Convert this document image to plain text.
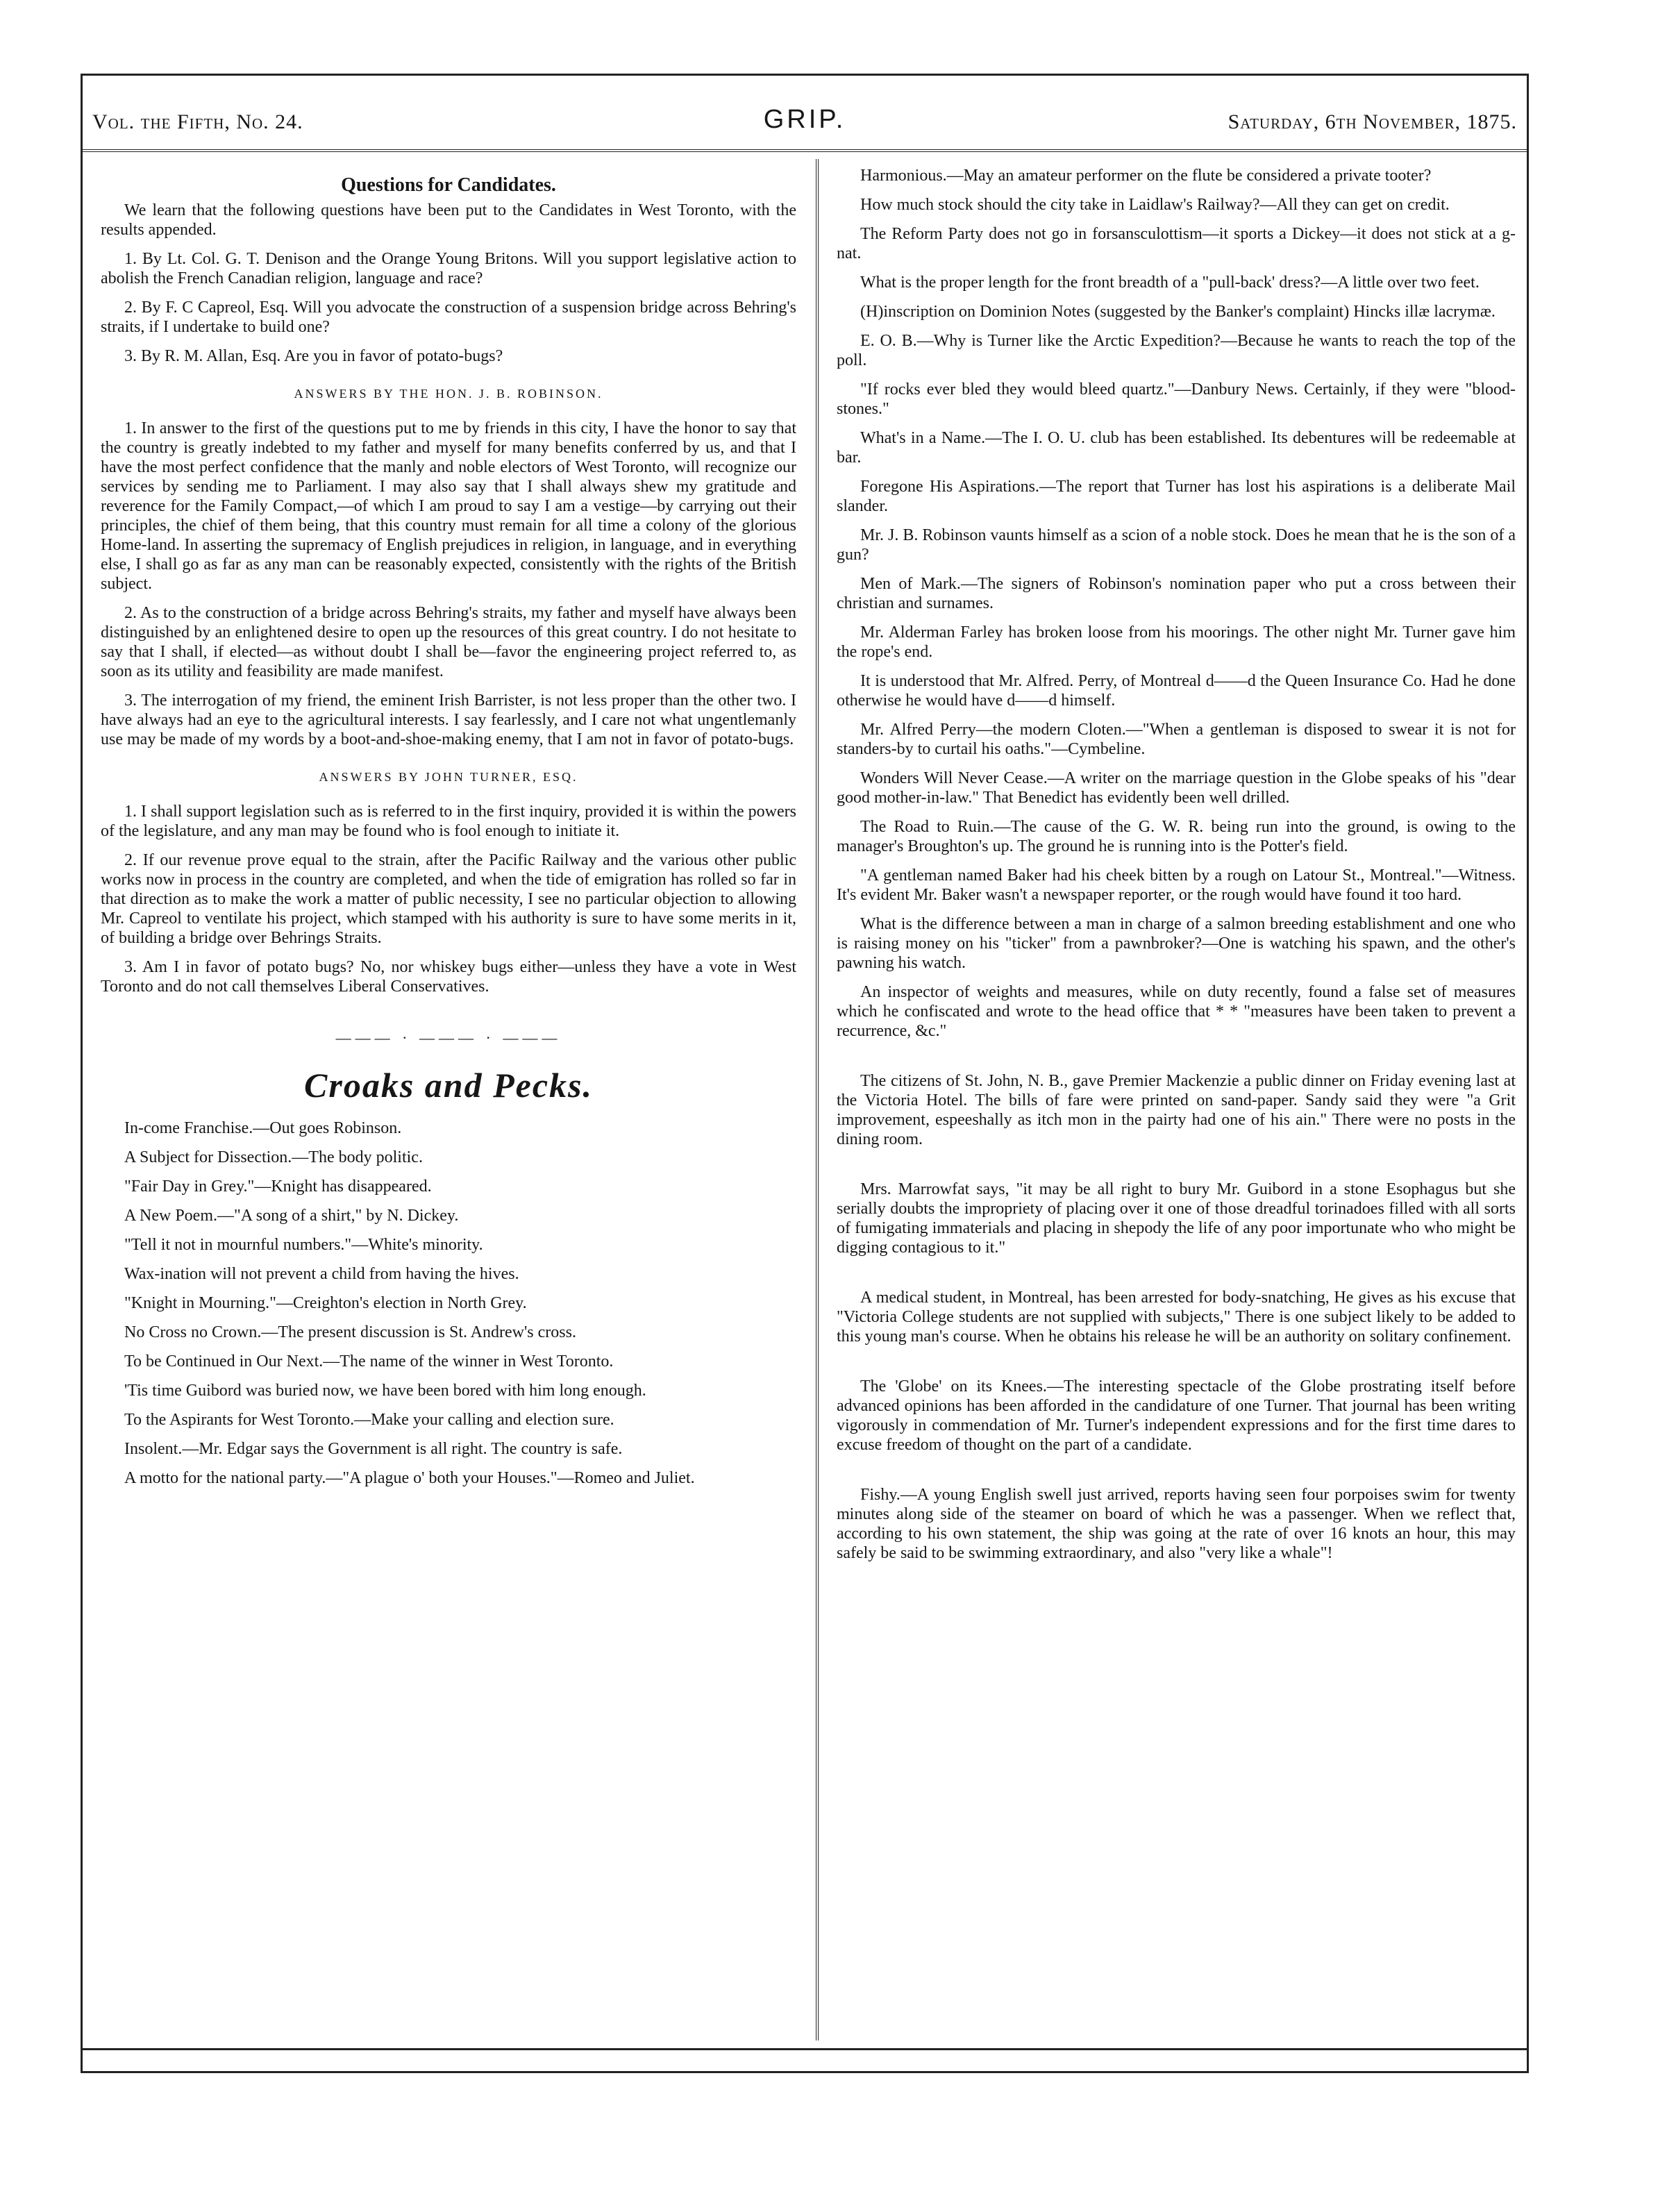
Vol. the Fifth, No. 24.	GRIP.	Saturday, 6th November, 1875.
Questions for Candidates.

We learn that the following questions have been put to the Candidates in West Toronto, with the results appended.

1. By Lt. Col. G. T. Denison and the Orange Young Britons. Will you support legislative action to abolish the French Canadian religion, language and race?

2. By F. C Capreol, Esq. Will you advocate the construction of a suspension bridge across Behring's straits, if I undertake to build one?

3. By R. M. Allan, Esq. Are you in favor of potato-bugs?

ANSWERS BY THE HON. J. B. ROBINSON.

1. In answer to the first of the questions put to me by friends in this city, I have the honor to say that the country is greatly indebted to my father and myself for many benefits conferred by us, and that I have the most perfect confidence that the manly and noble electors of West Toronto, will recognize our services by sending me to Parliament. I may also say that I shall always shew my gratitude and reverence for the Family Compact,—of which I am proud to say I am a vestige—by carrying out their principles, the chief of them being, that this country must remain for all time a colony of the glorious Home-land. In asserting the supremacy of English prejudices in religion, in language, and in everything else, I shall go as far as any man can be reasonably expected, consistently with the rights of the British subject.

2. As to the construction of a bridge across Behring's straits, my father and myself have always been distinguished by an enlightened desire to open up the resources of this great country. I do not hesitate to say that I shall, if elected—as without doubt I shall be—favor the engineering project referred to, as soon as its utility and feasibility are made manifest.

3. The interrogation of my friend, the eminent Irish Barrister, is not less proper than the other two. I have always had an eye to the agricultural interests. I say fearlessly, and I care not what ungentlemanly use may be made of my words by a boot-and-shoe-making enemy, that I am not in favor of potato-bugs.

ANSWERS BY JOHN TURNER, ESQ.

1. I shall support legislation such as is referred to in the first inquiry, provided it is within the powers of the legislature, and any man may be found who is fool enough to initiate it.

2. If our revenue prove equal to the strain, after the Pacific Railway and the various other public works now in process in the country are completed, and when the tide of emigration has rolled so far in that direction as to make the work a matter of public necessity, I see no particular objection to allowing Mr. Capreol to ventilate his project, which stamped with his authority is sure to have some merits in it, of building a bridge over Behrings Straits.

3. Am I in favor of potato bugs? No, nor whiskey bugs either—unless they have a vote in West Toronto and do not call themselves Liberal Conservatives.

——— · ——— · ———
Croaks and Pecks.

In-come Franchise.—Out goes Robinson.

A Subject for Dissection.—The body politic.

"Fair Day in Grey."—Knight has disappeared.

A New Poem.—"A song of a shirt," by N. Dickey.

"Tell it not in mournful numbers."—White's minority.

Wax-ination will not prevent a child from having the hives.

"Knight in Mourning."—Creighton's election in North Grey.

No Cross no Crown.—The present discussion is St. Andrew's cross.

To be Continued in Our Next.—The name of the winner in West Toronto.

'Tis time Guibord was buried now, we have been bored with him long enough.

To the Aspirants for West Toronto.—Make your calling and election sure.

Insolent.—Mr. Edgar says the Government is all right. The country is safe.

A motto for the national party.—"A plague o' both your Houses."—Romeo and Juliet.

Harmonious.—May an amateur performer on the flute be considered a private tooter?

How much stock should the city take in Laidlaw's Railway?—All they can get on credit.

The Reform Party does not go in forsansculottism—it sports a Dickey—it does not stick at a g-nat.

What is the proper length for the front breadth of a "pull-back' dress?—A little over two feet.

(H)inscription on Dominion Notes (suggested by the Banker's complaint) Hincks illæ lacrymæ.

E. O. B.—Why is Turner like the Arctic Expedition?—Because he wants to reach the top of the poll.

"If rocks ever bled they would bleed quartz."—Danbury News. Certainly, if they were "blood-stones."

What's in a Name.—The I. O. U. club has been established. Its debentures will be redeemable at bar.

Foregone His Aspirations.—The report that Turner has lost his aspirations is a deliberate Mail slander.

Mr. J. B. Robinson vaunts himself as a scion of a noble stock. Does he mean that he is the son of a gun?

Men of Mark.—The signers of Robinson's nomination paper who put a cross between their christian and surnames.

Mr. Alderman Farley has broken loose from his moorings. The other night Mr. Turner gave him the rope's end.

It is understood that Mr. Alfred. Perry, of Montreal d——d the Queen Insurance Co. Had he done otherwise he would have d——d himself.

Mr. Alfred Perry—the modern Cloten.—"When a gentleman is disposed to swear it is not for standers-by to curtail his oaths."—Cymbeline.

Wonders Will Never Cease.—A writer on the marriage question in the Globe speaks of his "dear good mother-in-law." That Benedict has evidently been well drilled.

The Road to Ruin.—The cause of the G. W. R. being run into the ground, is owing to the manager's Broughton's up. The ground he is running into is the Potter's field.

"A gentleman named Baker had his cheek bitten by a rough on Latour St., Montreal."—Witness. It's evident Mr. Baker wasn't a newspaper reporter, or the rough would have found it too hard.

What is the difference between a man in charge of a salmon breeding establishment and one who is raising money on his "ticker" from a pawnbroker?—One is watching his spawn, and the other's pawning his watch.

An inspector of weights and measures, while on duty recently, found a false set of measures which he confiscated and wrote to the head office that * * "measures have been taken to prevent a recurrence, &c."

The citizens of St. John, N. B., gave Premier Mackenzie a public dinner on Friday evening last at the Victoria Hotel. The bills of fare were printed on sand-paper. Sandy said they were "a Grit improvement, espeeshally as itch mon in the pairty had one of his ain." There were no posts in the dining room.

Mrs. Marrowfat says, "it may be all right to bury Mr. Guibord in a stone Esophagus but she serially doubts the impropriety of placing over it one of those dreadful torinadoes filled with all sorts of fumigating immaterials and placing in shepody the life of any poor importunate who who might be digging contagious to it."

A medical student, in Montreal, has been arrested for body-snatching, He gives as his excuse that "Victoria College students are not supplied with subjects," There is one subject likely to be added to this young man's course. When he obtains his release he will be an authority on solitary confinement.

The 'Globe' on its Knees.—The interesting spectacle of the Globe prostrating itself before advanced opinions has been afforded in the candidature of one Turner. That journal has been writing vigorously in commendation of Mr. Turner's independent expressions and for the first time dares to excuse freedom of thought on the part of a candidate.

Fishy.—A young English swell just arrived, reports having seen four porpoises swim for twenty minutes along side of the steamer on board of which he was a passenger. When we reflect that, according to his own statement, the ship was going at the rate of over 16 knots an hour, this may safely be said to be swimming extraordinary, and also "very like a whale"!
